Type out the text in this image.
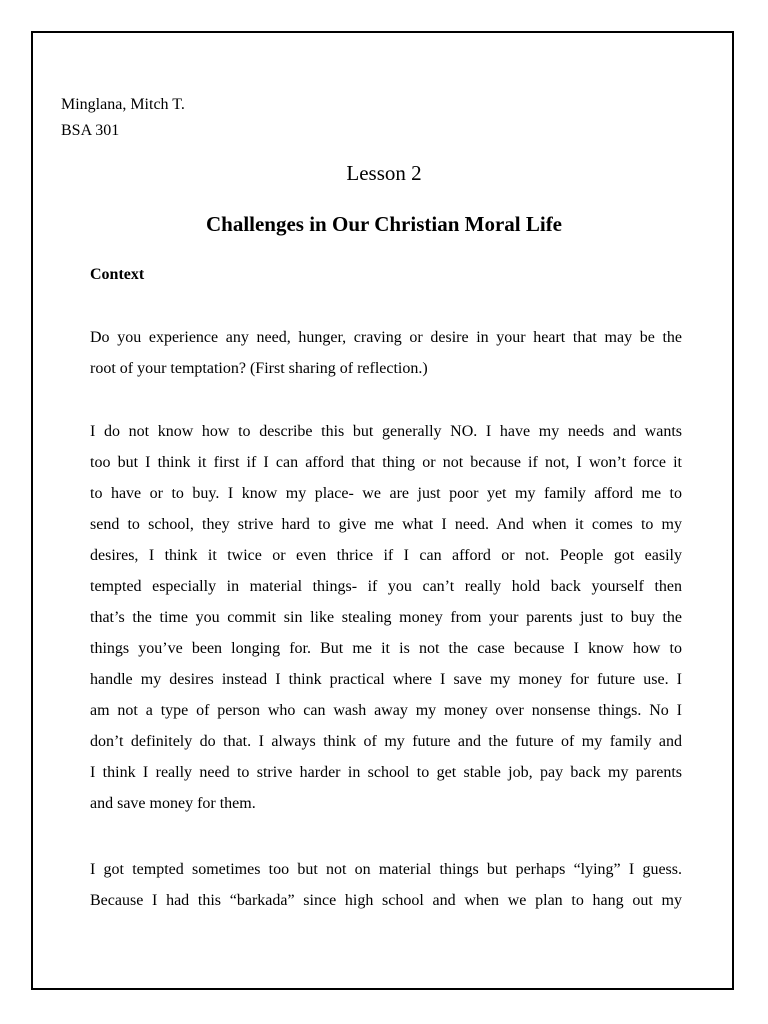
Minglana, Mitch T.
BSA 301
Lesson 2
Challenges in Our Christian Moral Life
Context
Do you experience any need, hunger, craving or desire in your heart that may be the
root of your temptation? (First sharing of reflection.)
I do not know how to describe this but generally NO. I have my needs and wants
too but I think it first if I can afford that thing or not because if not, I won’t force it
to have or to buy. I know my place- we are just poor yet my family afford me to
send to school, they strive hard to give me what I need. And when it comes to my
desires, I think it twice or even thrice if I can afford or not. People got easily
tempted especially in material things- if you can’t really hold back yourself then
that’s the time you commit sin like stealing money from your parents just to buy the
things you’ve been longing for. But me it is not the case because I know how to
handle my desires instead I think practical where I save my money for future use. I
am not a type of person who can wash away my money over nonsense things. No I
don’t definitely do that. I always think of my future and the future of my family and
I think I really need to strive harder in school to get stable job, pay back my parents
and save money for them.
I got tempted sometimes too but not on material things but perhaps “lying” I guess.
Because I had this “barkada” since high school and when we plan to hang out my
